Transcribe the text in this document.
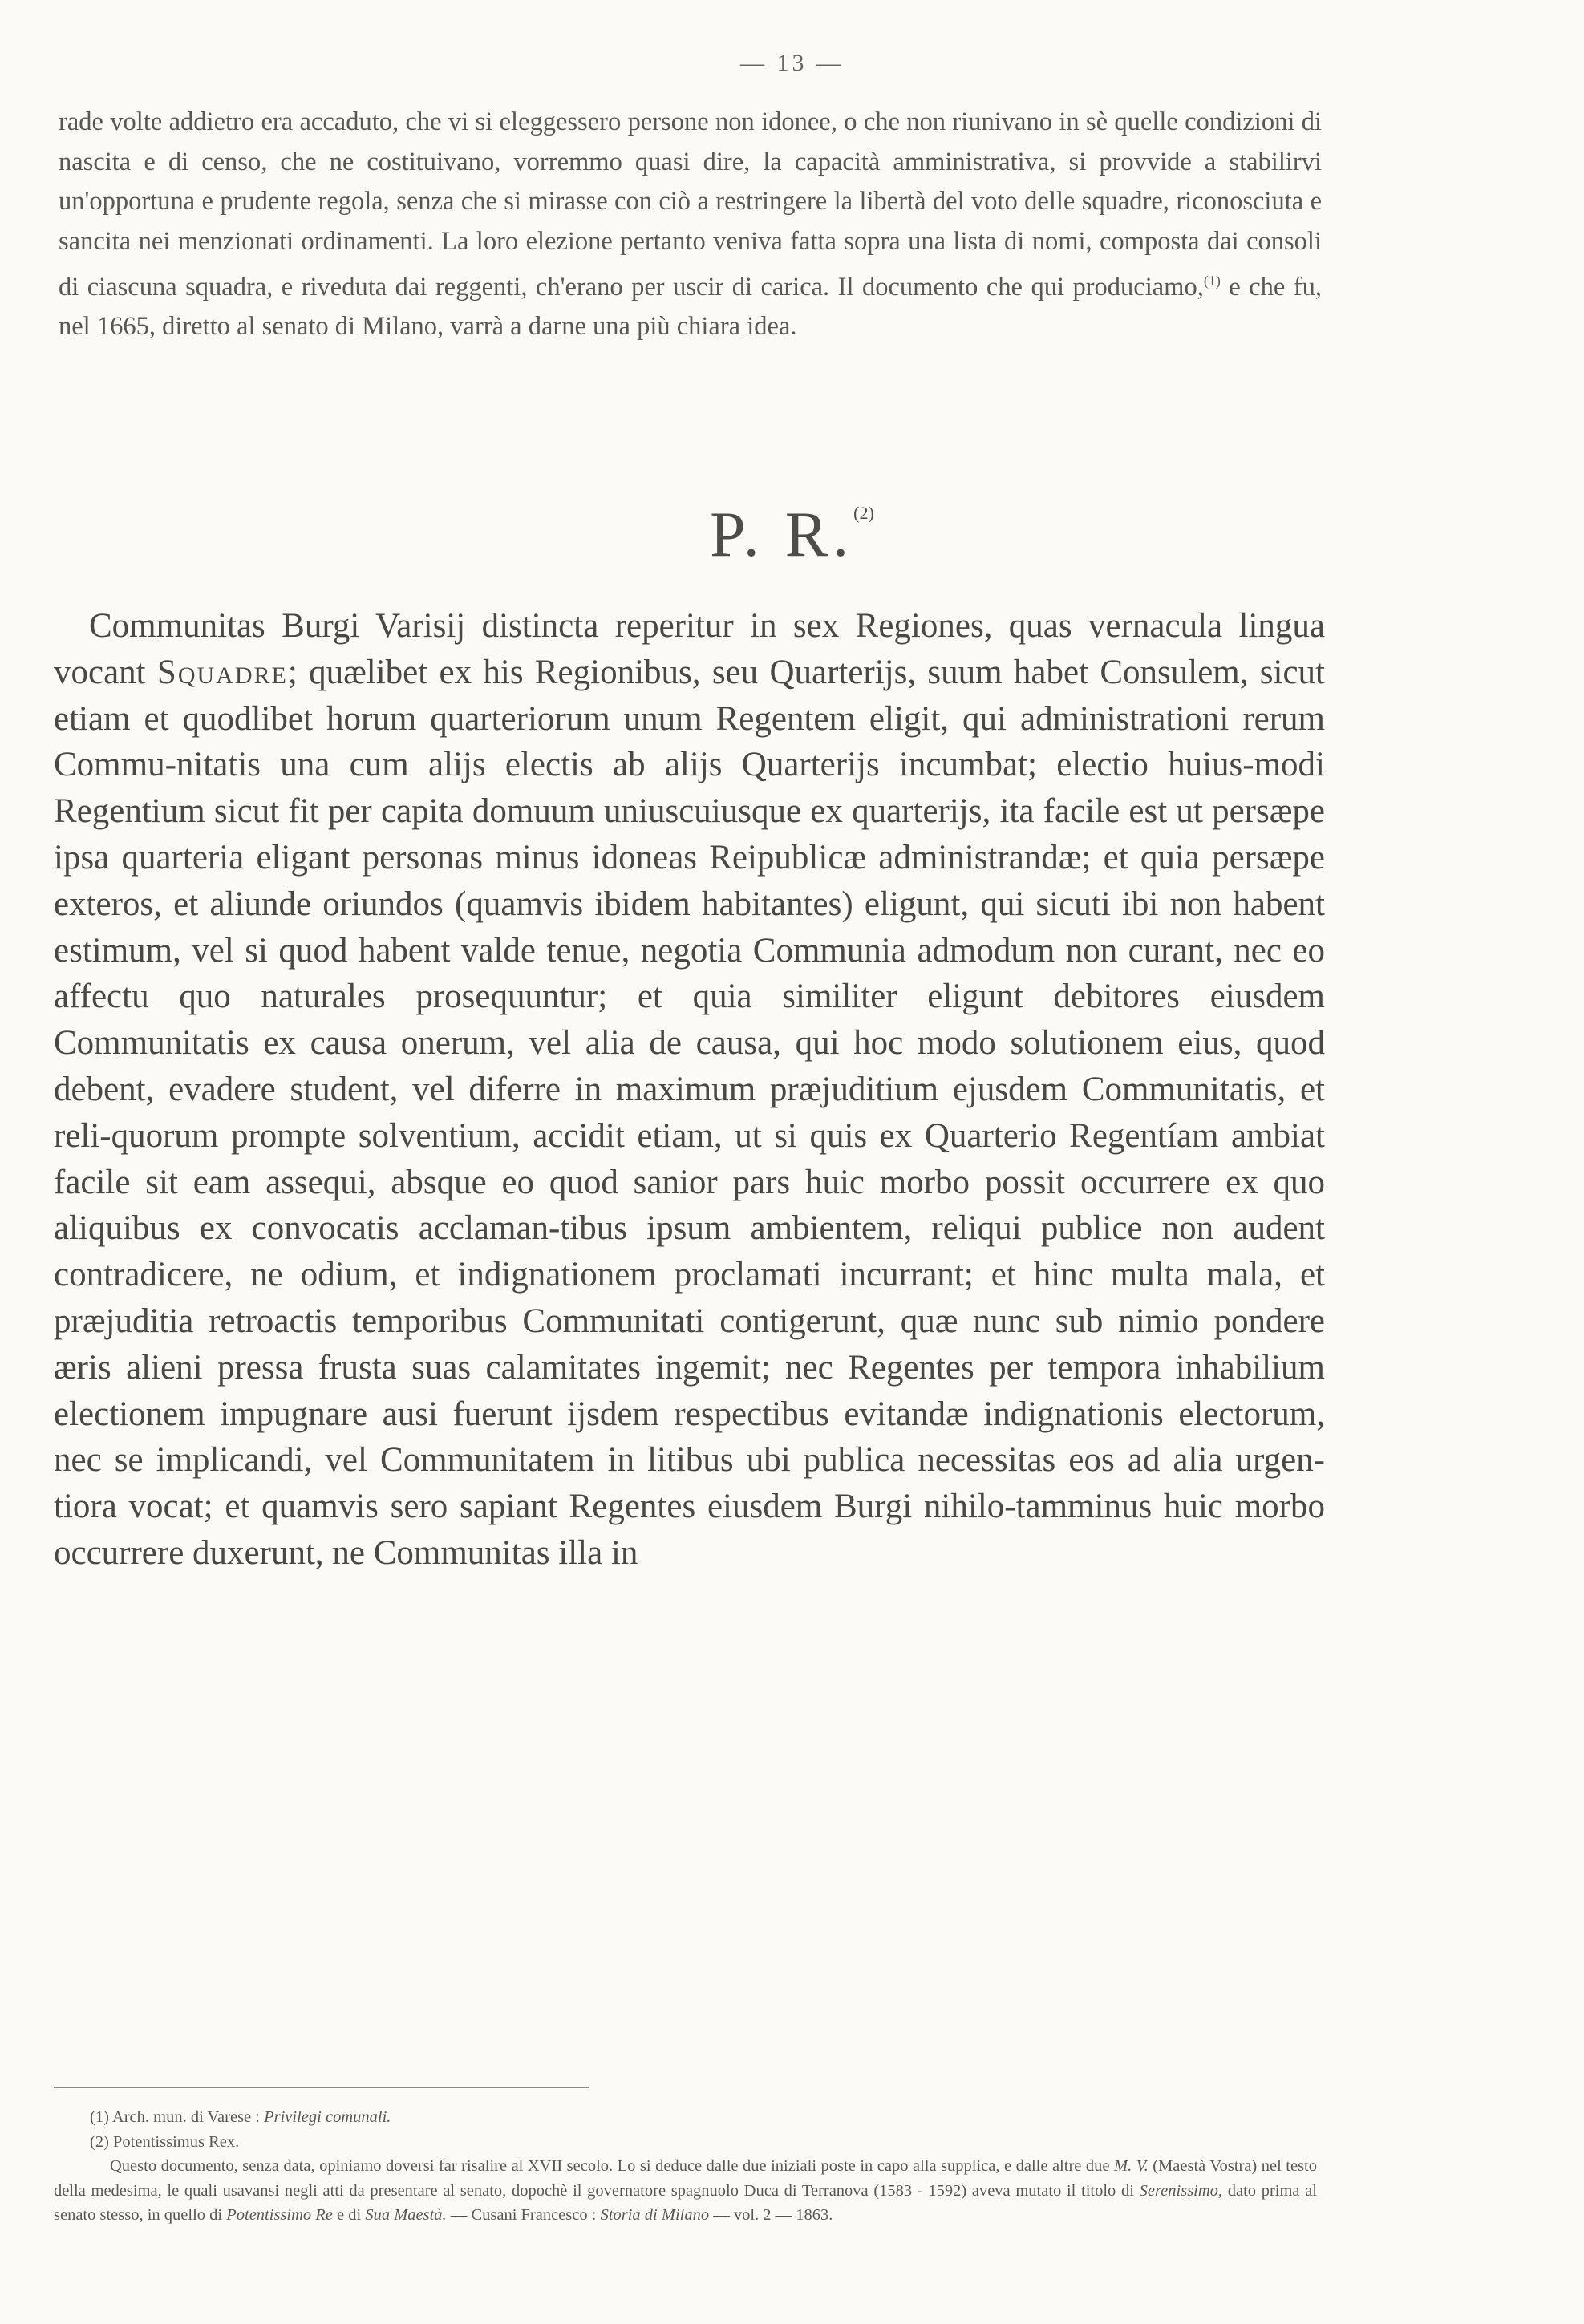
— 13 —

rade volte addietro era accaduto, che vi si eleggessero persone non idonee, o che non riunivano in sè quelle condizioni di nascita e di censo, che ne costituivano, vorremmo quasi dire, la capacità amministrativa, si provvide a stabilirvi un'opportuna e prudente regola, senza che si mirasse con ciò a restringere la libertà del voto delle squadre, riconosciuta e sancita nei menzionati ordinamenti. La loro elezione pertanto veniva fatta sopra una lista di nomi, composta dai consoli di ciascuna squadra, e riveduta dai reggenti, ch'erano per uscir di carica. Il documento che qui produciamo,$^{(1)}$ e che fu, nel 1665, diretto al senato di Milano, varrà a darne una più chiara idea.

P. R.$^{(2)}$

Communitas Burgi Varisij distincta reperitur in sex Regiones, quas vernacula lingua vocant Squadre; quælibet ex his Regionibus, seu Quarterijs, suum habet Consulem, sicut etiam et quodlibet horum quarteriorum unum Regentem eligit, qui administrationi rerum Commu-nitatis una cum alijs electis ab alijs Quarterijs incumbat; electio huius-modi Regentium sicut fit per capita domuum uniuscuiusque ex quarterijs, ita facile est ut persæpe ipsa quarteria eligant personas minus idoneas Reipublicæ administrandæ; et quia persæpe exteros, et aliunde oriundos (quamvis ibidem habitantes) eligunt, qui sicuti ibi non habent estimum, vel si quod habent valde tenue, negotia Communia admodum non curant, nec eo affectu quo naturales prosequuntur; et quia similiter eligunt debitores eiusdem Communitatis ex causa onerum, vel alia de causa, qui hoc modo solutionem eius, quod debent, evadere student, vel diferre in maximum præjuditium ejusdem Communitatis, et reli-quorum prompte solventium, accidit etiam, ut si quis ex Quarterio Regentíam ambiat facile sit eam assequi, absque eo quod sanior pars huic morbo possit occurrere ex quo aliquibus ex convocatis acclaman-tibus ipsum ambientem, reliqui publice non audent contradicere, ne odium, et indignationem proclamati incurrant; et hinc multa mala, et præjuditia retroactis temporibus Communitati contigerunt, quæ nunc sub nimio pondere æris alieni pressa frusta suas calamitates ingemit; nec Regentes per tempora inhabilium electionem impugnare ausi fuerunt ijsdem respectibus evitandæ indignationis electorum, nec se implicandi, vel Communitatem in litibus ubi publica necessitas eos ad alia urgen-tiora vocat; et quamvis sero sapiant Regentes eiusdem Burgi nihilo-tamminus huic morbo occurrere duxerunt, ne Communitas illa in

(1) Arch. mun. di Varese : Privilegi comunali.

(2) Potentissimus Rex.

Questo documento, senza data, opiniamo doversi far risalire al XVII secolo. Lo si deduce dalle due iniziali poste in capo alla supplica, e dalle altre due M. V. (Maestà Vostra) nel testo della medesima, le quali usavansi negli atti da presentare al senato, dopochè il governatore spagnuolo Duca di Terranova (1583 - 1592) aveva mutato il titolo di Serenissimo, dato prima al senato stesso, in quello di Potentissimo Re e di Sua Maestà. — Cusani Francesco : Storia di Milano — vol. 2 — 1863.
